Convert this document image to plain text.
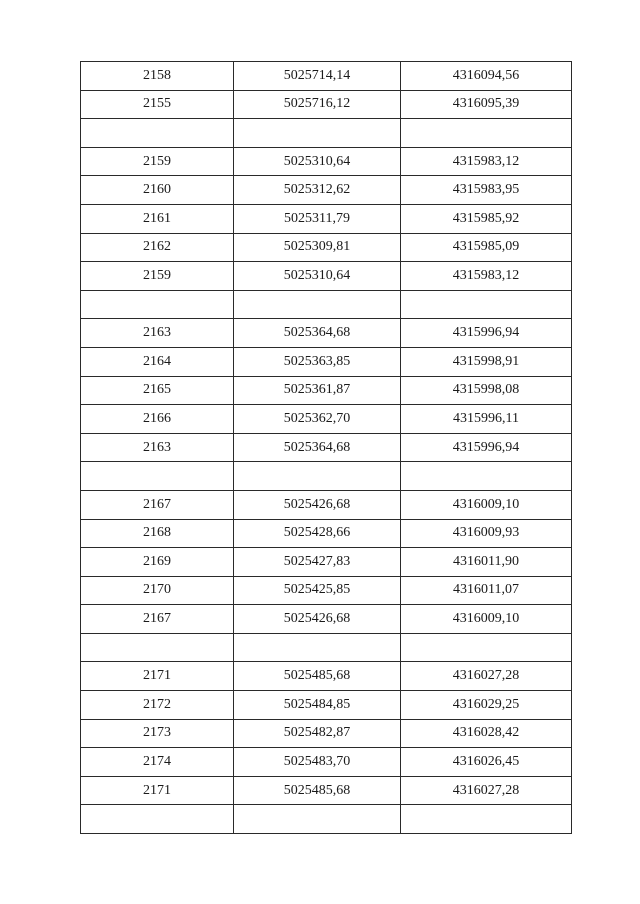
2158	5025714,14	4316094,56
2155	5025716,12	4316095,39

2159	5025310,64	4315983,12
2160	5025312,62	4315983,95
2161	5025311,79	4315985,92
2162	5025309,81	4315985,09
2159	5025310,64	4315983,12

2163	5025364,68	4315996,94
2164	5025363,85	4315998,91
2165	5025361,87	4315998,08
2166	5025362,70	4315996,11
2163	5025364,68	4315996,94

2167	5025426,68	4316009,10
2168	5025428,66	4316009,93
2169	5025427,83	4316011,90
2170	5025425,85	4316011,07
2167	5025426,68	4316009,10

2171	5025485,68	4316027,28
2172	5025484,85	4316029,25
2173	5025482,87	4316028,42
2174	5025483,70	4316026,45
2171	5025485,68	4316027,28
